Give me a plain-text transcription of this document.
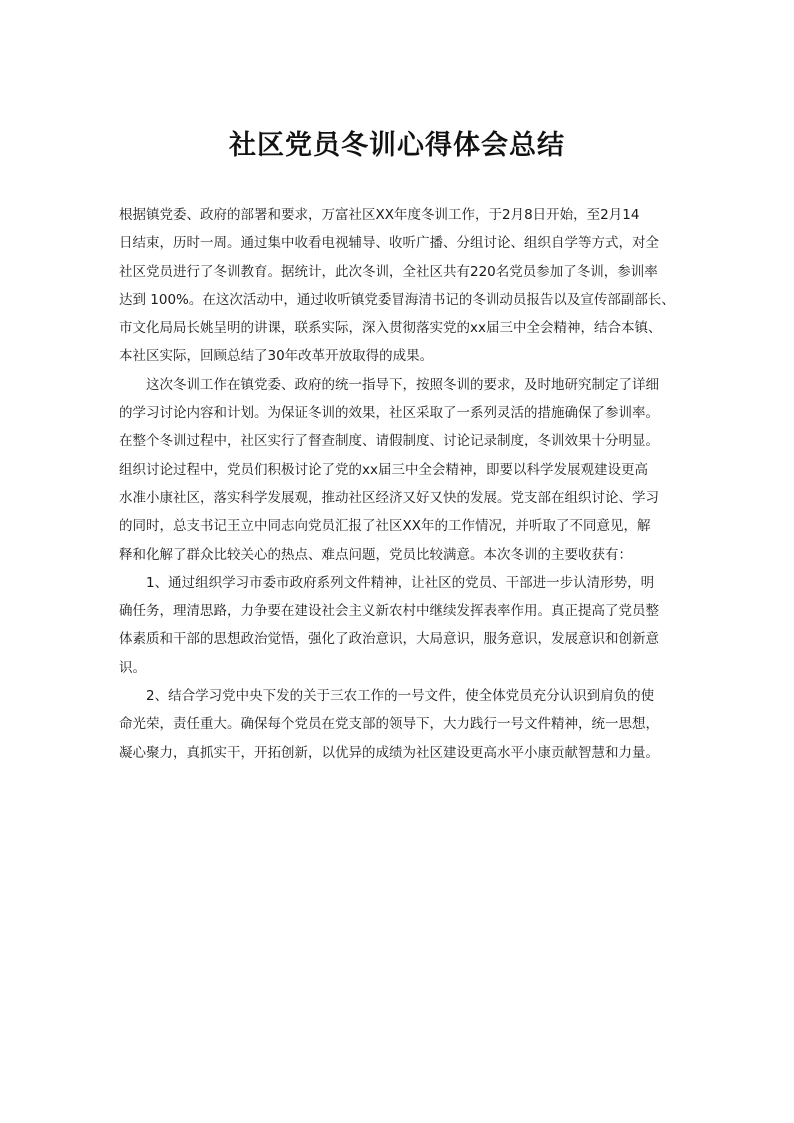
社区党员冬训心得体会总结
根据镇党委、政府的部署和要求，万富社区XX年度冬训工作，于2月8日开始，至2月14
日结束，历时一周。通过集中收看电视辅导、收听广播、分组讨论、组织自学等方式，对全
社区党员进行了冬训教育。据统计，此次冬训，全社区共有220名党员参加了冬训，参训率
达到 100%。在这次活动中，通过收听镇党委冒海清书记的冬训动员报告以及宣传部副部长、
市文化局局长姚呈明的讲课，联系实际，深入贯彻落实党的xx届三中全会精神，结合本镇、
本社区实际，回顾总结了30年改革开放取得的成果。
这次冬训工作在镇党委、政府的统一指导下，按照冬训的要求，及时地研究制定了详细
的学习讨论内容和计划。为保证冬训的效果，社区采取了一系列灵活的措施确保了参训率。
在整个冬训过程中，社区实行了督查制度、请假制度、讨论记录制度，冬训效果十分明显。
组织讨论过程中，党员们积极讨论了党的xx届三中全会精神，即要以科学发展观建设更高
水准小康社区，落实科学发展观，推动社区经济又好又快的发展。党支部在组织讨论、学习
的同时，总支书记王立中同志向党员汇报了社区XX年的工作情况，并听取了不同意见，解
释和化解了群众比较关心的热点、难点问题，党员比较满意。本次冬训的主要收获有：
1、通过组织学习市委市政府系列文件精神，让社区的党员、干部进一步认清形势，明
确任务，理清思路，力争要在建设社会主义新农村中继续发挥表率作用。真正提高了党员整
体素质和干部的思想政治觉悟，强化了政治意识，大局意识，服务意识，发展意识和创新意
识。
2、结合学习党中央下发的关于三农工作的一号文件，使全体党员充分认识到肩负的使
命光荣，责任重大。确保每个党员在党支部的领导下，大力践行一号文件精神，统一思想，
凝心聚力，真抓实干，开拓创新，以优异的成绩为社区建设更高水平小康贡献智慧和力量。
